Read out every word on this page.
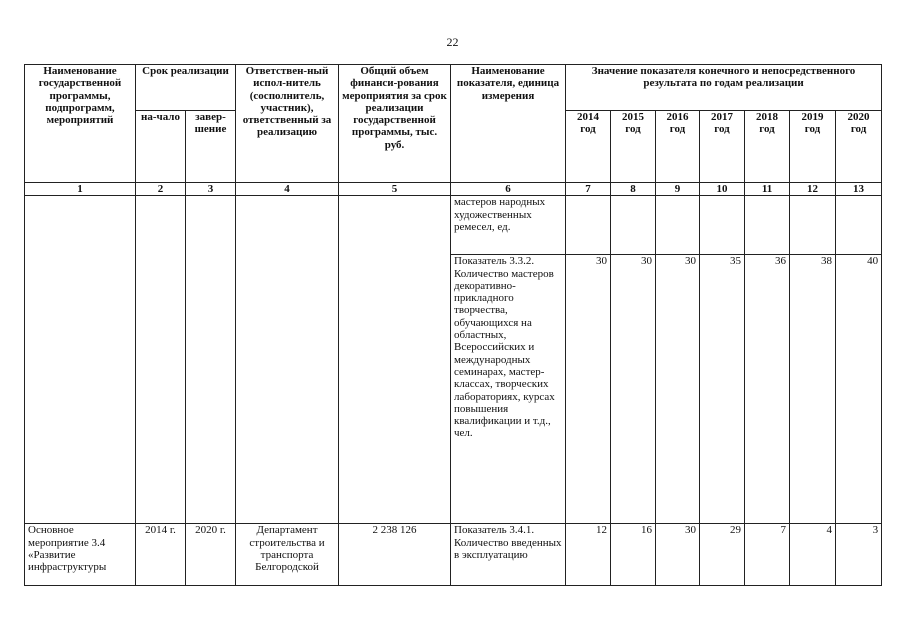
22
Наименование государственной программы, подпрограмм, мероприятий	Срок реализации		Ответствен-ный испол-нитель (сосполнитель, участник), ответственный за реализацию	Общий объем финанси-рования мероприятия за срок реализации государственной программы, тыс. руб.	Наименование показателя, единица измерения	Значение показателя конечного и непосредственного результата по годам реализации						
	на-чало	завер-шение				2014 год	2015 год	2016 год	2017 год	2018 год	2019 год	2020 год
1	2	3	4	5	6	7	8	9	10	11	12	13
					мастеров народных художественных ремесел, ед.							
					Показатель 3.3.2. Количество мастеров декоративно-прикладного творчества, обучающихся на областных, Всероссийских и международных семинарах, мастер-классах, творческих лабораториях, курсах повышения квалификации и т.д., чел.	30	30	30	35	36	38	40
Основное мероприятие 3.4 «Развитие инфраструктуры	2014 г.	2020 г.	Департамент строительства и транспорта Белгородской	2 238 126	Показатель 3.4.1. Количество введенных в эксплуатацию	12	16	30	29	7	4	3
